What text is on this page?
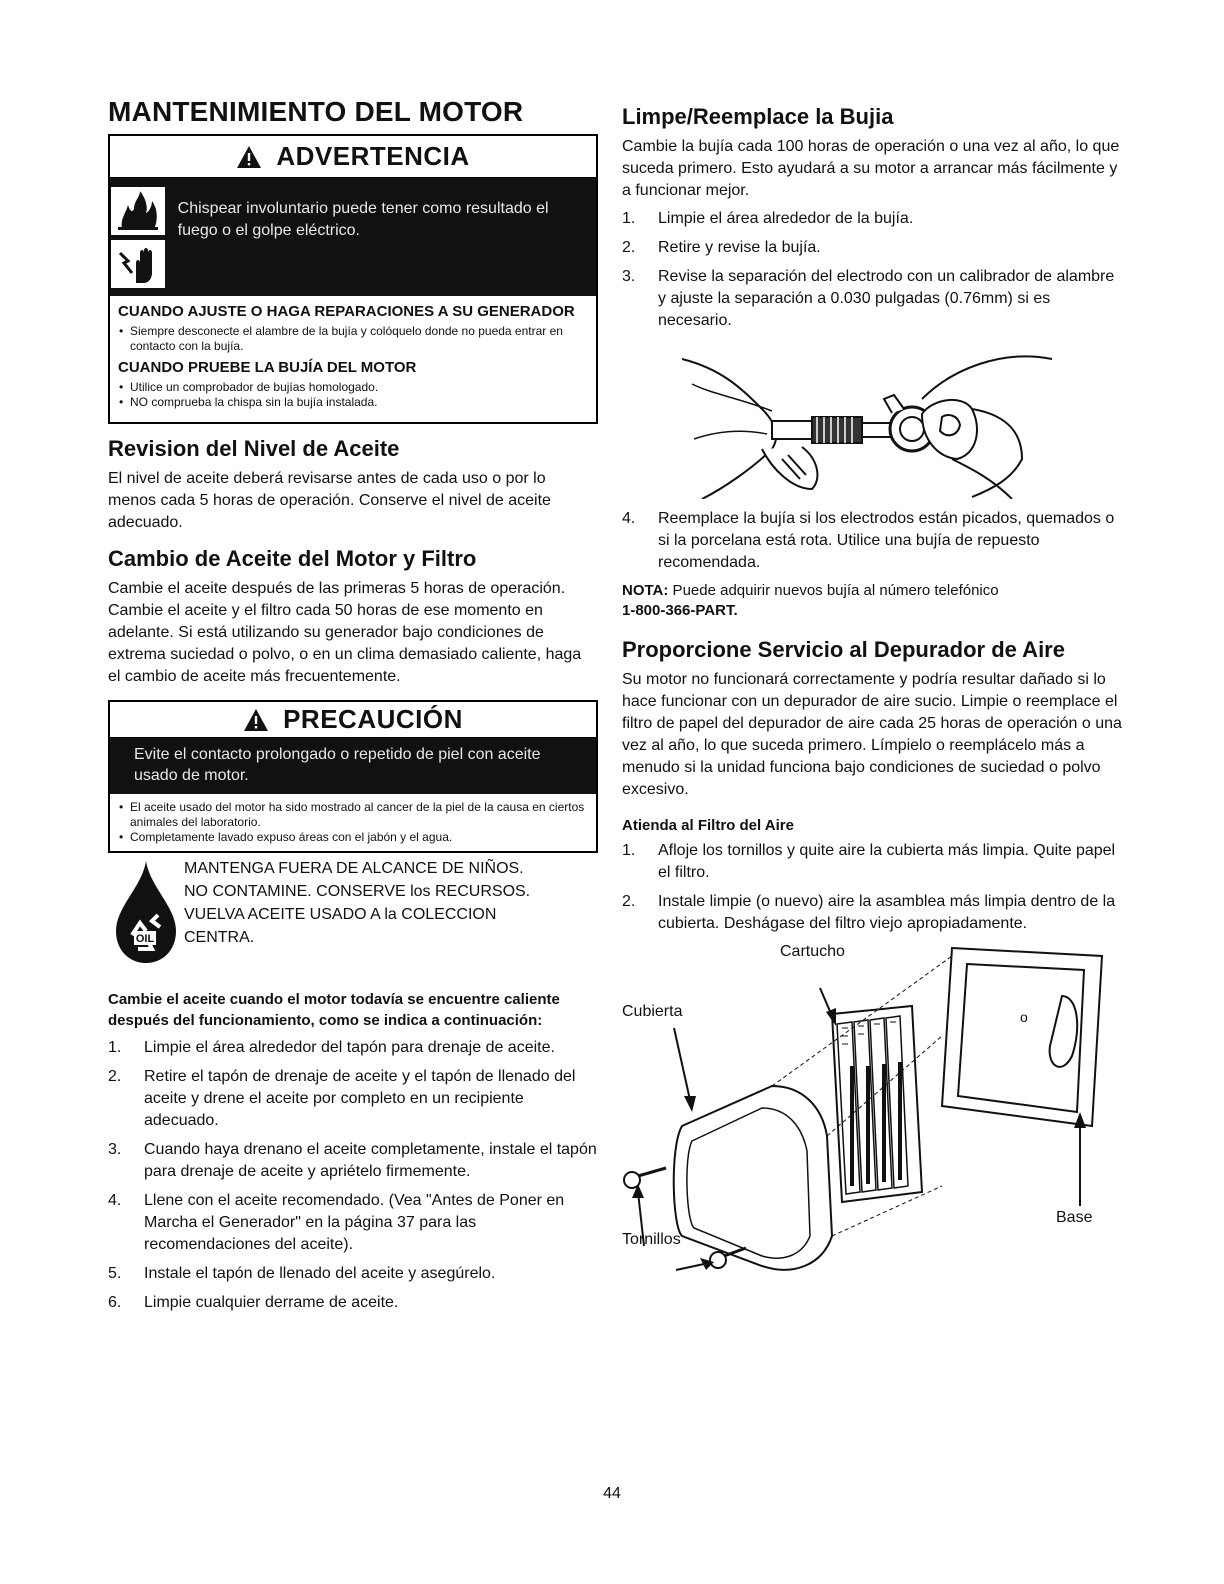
MANTENIMIENTO DEL MOTOR
ADVERTENCIA
Chispear involuntario puede tener como resultado el fuego o el golpe eléctrico.
CUANDO AJUSTE O HAGA REPARACIONES A SU GENERADOR
• Siempre desconecte el alambre de la bujía y colóquelo donde no pueda entrar en contacto con la bujía.
CUANDO PRUEBE LA BUJÍA DEL MOTOR
• Utilice un comprobador de bujías homologado.
• NO comprueba la chispa sin la bujía instalada.
Revision del Nivel de Aceite

El nivel de aceite deberá revisarse antes de cada uso o por lo menos cada 5 horas de operación. Conserve el nivel de aceite adecuado.

Cambio de Aceite del Motor y Filtro

Cambie el aceite después de las primeras 5 horas de operación. Cambie el aceite y el filtro cada 50 horas de ese momento en adelante. Si está utilizando su generador bajo condiciones de extrema suciedad o polvo, o en un clima demasiado caliente, haga el cambio de aceite más frecuentemente.

PRECAUCIÓN
Evite el contacto prolongado o repetido de piel con aceite usado de motor.
• El aceite usado del motor ha sido mostrado al cancer de la piel de la causa en ciertos animales del laboratorio.
• Completamente lavado expuso áreas con el jabón y el agua.
OIL
MANTENGA FUERA DE ALCANCE DE NIÑOS.
NO CONTAMINE. CONSERVE los RECURSOS.
VUELVA ACEITE USADO A la COLECCION
CENTRA.
Cambie el aceite cuando el motor todavía se encuentre caliente después del funcionamiento, como se indica a continuación:
1.	Limpie el área alrededor del tapón para drenaje de aceite.
2.	Retire el tapón de drenaje de aceite y el tapón de llenado del aceite y drene el aceite por completo en un recipiente adecuado.
3.	Cuando haya drenano el aceite completamente, instale el tapón para drenaje de aceite y apriételo firmemente.
4.	Llene con el aceite recomendado. (Vea "Antes de Poner en Marcha el Generador" en la página 37 para las recomendaciones del aceite).
5.	Instale el tapón de llenado del aceite y asegúrelo.
6.	Limpie cualquier derrame de aceite.
Limpe/Reemplace la Bujia

Cambie la bujía cada 100 horas de operación o una vez al año, lo que suceda primero. Esto ayudará a su motor a arrancar más fácilmente y a funcionar mejor.

1.	Limpie el área alrededor de la bujía.
2.	Retire y revise la bujía.
3.	Revise la separación del electrodo con un calibrador de alambre y ajuste la separación a 0.030 pulgadas (0.76mm) si es necesario.
4.	Reemplace la bujía si los electrodos están picados, quemados o si la porcelana está rota. Utilice una bujía de repuesto recomendada.
NOTA: Puede adquirir nuevos bujía al número telefónico
1-800-366-PART.
Proporcione Servicio al Depurador de Aire

Su motor no funcionará correctamente y podría resultar dañado si lo hace funcionar con un depurador de aire sucio. Limpie o reemplace el filtro de papel del depurador de aire cada 25 horas de operación o una vez al año, lo que suceda primero. Límpielo o reemplácelo más a menudo si la unidad funciona bajo condiciones de suciedad o polvo excesivo.

Atienda al Filtro del Aire
1.	Afloje los tornillos y quite aire la cubierta más limpia. Quite papel el filtro.
2.	Instale limpie (o nuevo) aire la asamblea más limpia dentro de la cubierta. Deshágase del filtro viejo apropiadamente.
o
Cartucho
Cubierta
Base
Tornillos
44
